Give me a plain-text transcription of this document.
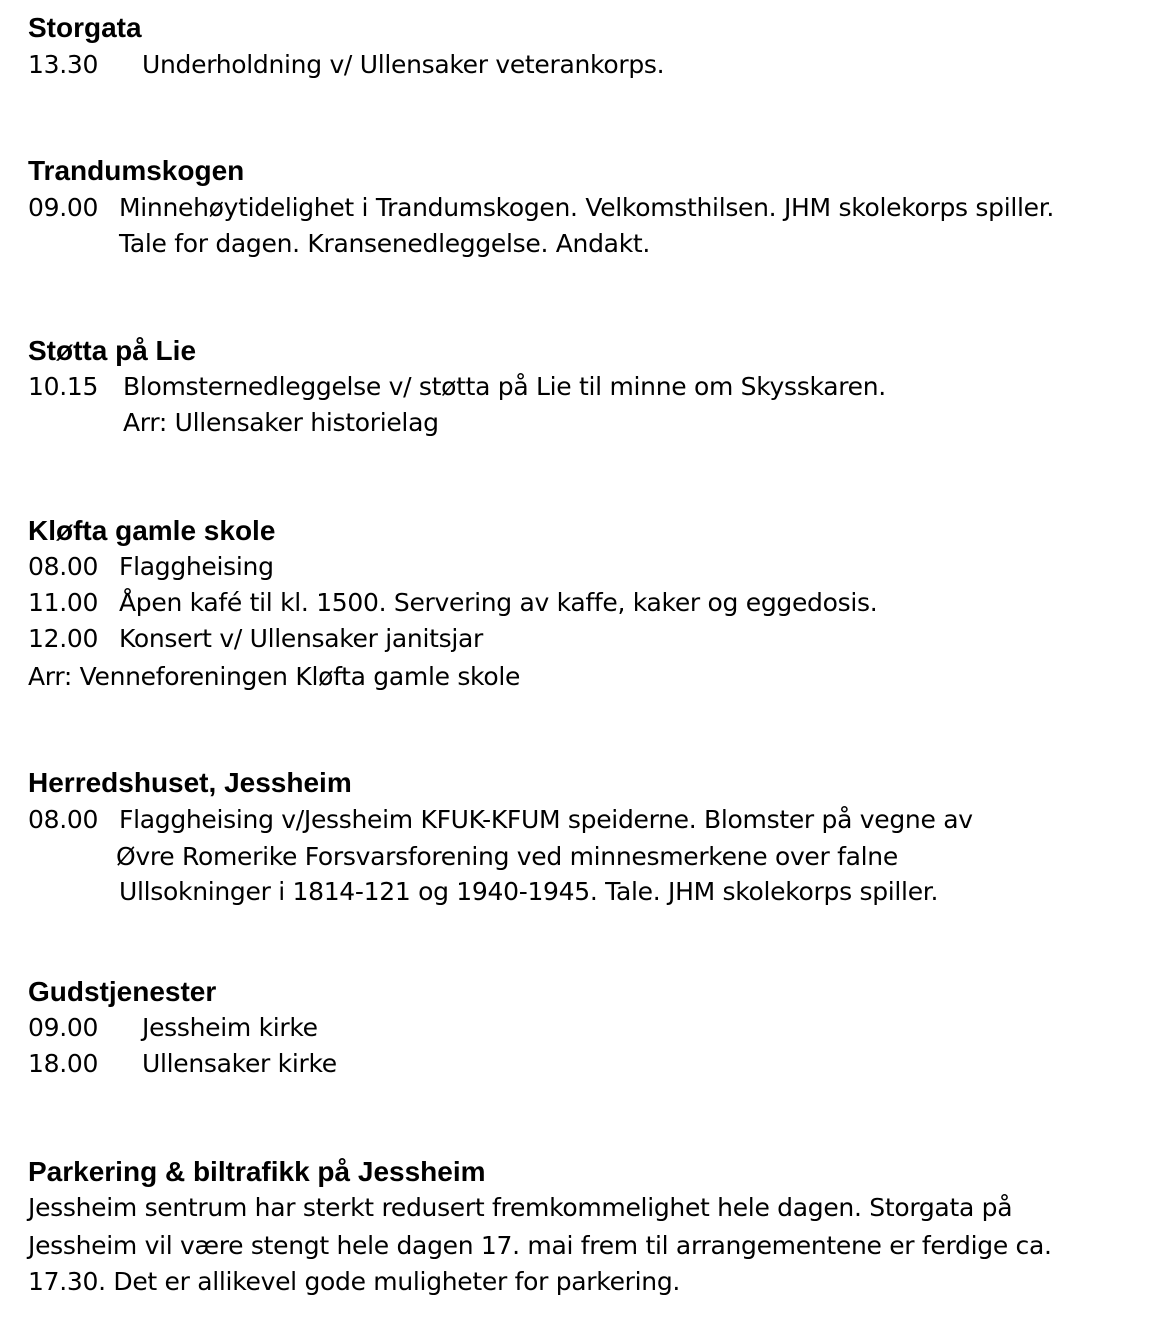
Storgata
13.30 Underholdning v/ Ullensaker veterankorps.
Trandumskogen
09.00 Minnehøytidelighet i Trandumskogen. Velkomsthilsen. JHM skolekorps spiller.
Tale for dagen. Kransenedleggelse. Andakt.
Støtta på Lie
10.15 Blomsternedleggelse v/ støtta på Lie til minne om Skysskaren.
Arr: Ullensaker historielag
Kløfta gamle skole
08.00 Flaggheising
11.00 Åpen kafé til kl. 1500. Servering av kaffe, kaker og eggedosis.
12.00 Konsert v/ Ullensaker janitsjar
Arr: Venneforeningen Kløfta gamle skole
Herredshuset, Jessheim
08.00 Flaggheising v/Jessheim KFUK-KFUM speiderne. Blomster på vegne av
Øvre Romerike Forsvarsforening ved minnesmerkene over falne
Ullsokninger i 1814-121 og 1940-1945. Tale. JHM skolekorps spiller.
Gudstjenester
09.00 Jessheim kirke
18.00 Ullensaker kirke
Parkering & biltrafikk på Jessheim
Jessheim sentrum har sterkt redusert fremkommelighet hele dagen. Storgata på
Jessheim vil være stengt hele dagen 17. mai frem til arrangementene er ferdige ca.
17.30. Det er allikevel gode muligheter for parkering.
